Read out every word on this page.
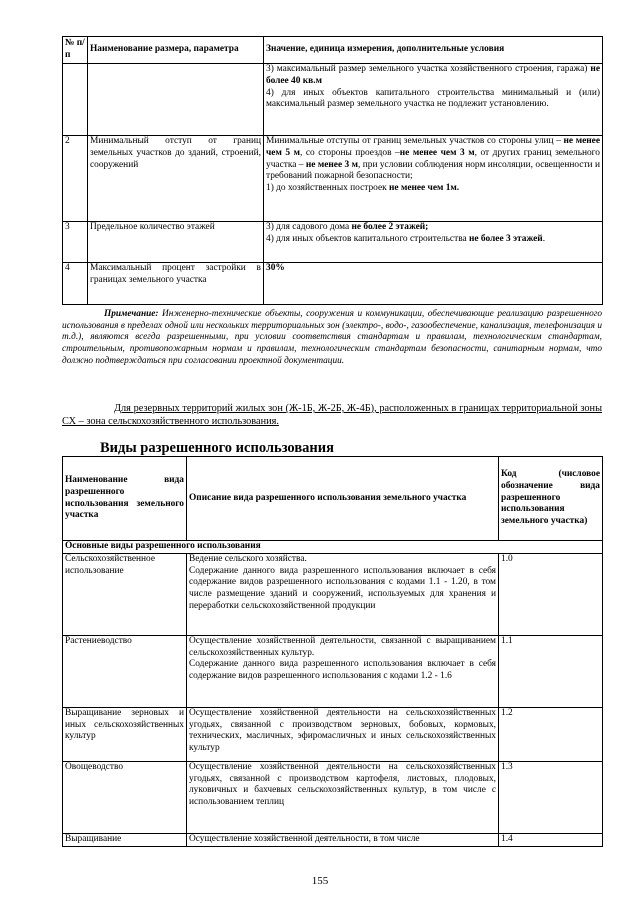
№ п/п	Наименование размера, параметра	Значение, единица измерения, дополнительные условия
		3) максимальный размер земельного участка хозяйственного строения, гаража) не более 40 кв.м
4) для иных объектов капитального строительства минимальный и (или) максимальный размер земельного участка не подлежит установлению.
2	Минимальный отступ от границ земельных участков до зданий, строений, сооружений	Минимальные отступы от границ земельных участков со стороны улиц – не менее чем 5 м, со стороны проездов –не менее чем 3 м, от других границ земельного участка – не менее 3 м, при условии соблюдения норм инсоляции, освещенности и требований пожарной безопасности;
1) до хозяйственных построек не менее чем 1м.
3	Предельное количество этажей	3) для садового дома не более 2 этажей;
4) для иных объектов капитального строительства не более 3 этажей.
4	Максимальный процент застройки в границах земельного участка	30%
Примечание: Инженерно-технические объекты, сооружения и коммуникации, обеспечивающие реализацию разрешенного использования в пределах одной или нескольких территориальных зон (электро-, водо-, газообеспечение, канализация, телефонизация и т.д.), являются всегда разрешенными, при условии соответствия стандартам и правилам, технологическим стандартам, строительным, противопожарным нормам и правилам, технологическим стандартам безопасности, санитарным нормам, что должно подтверждаться при согласовании проектной документации.
Для резервных территорий жилых зон (Ж-1Б, Ж-2Б, Ж-4Б), расположенных в границах территориальной зоны СХ – зона сельскохозяйственного использования.
Виды разрешенного использования
Наименование вида разрешенного использования земельного участка	Описание вида разрешенного использования земельного участка	Код (числовое обозначение вида разрешенного использования земельного участка)
Основные виды разрешенного использования		
Сельскохозяйственное использование	Ведение сельского хозяйства.
Содержание данного вида разрешенного использования включает в себя содержание видов разрешенного использования с кодами 1.1 - 1.20, в том числе размещение зданий и сооружений, используемых для хранения и переработки сельскохозяйственной продукции	1.0
Растениеводство	Осуществление хозяйственной деятельности, связанной с выращиванием сельскохозяйственных культур.
Содержание данного вида разрешенного использования включает в себя содержание видов разрешенного использования с кодами 1.2 - 1.6	1.1
Выращивание зерновых и иных сельскохозяйственных культур	Осуществление хозяйственной деятельности на сельскохозяйственных угодьях, связанной с производством зерновых, бобовых, кормовых, технических, масличных, эфиромасличных и иных сельскохозяйственных культур	1.2
Овощеводство	Осуществление хозяйственной деятельности на сельскохозяйственных угодьях, связанной с производством картофеля, листовых, плодовых, луковичных и бахчевых сельскохозяйственных культур, в том числе с использованием теплиц	1.3
Выращивание	Осуществление хозяйственной деятельности, в том числе	1.4
155
